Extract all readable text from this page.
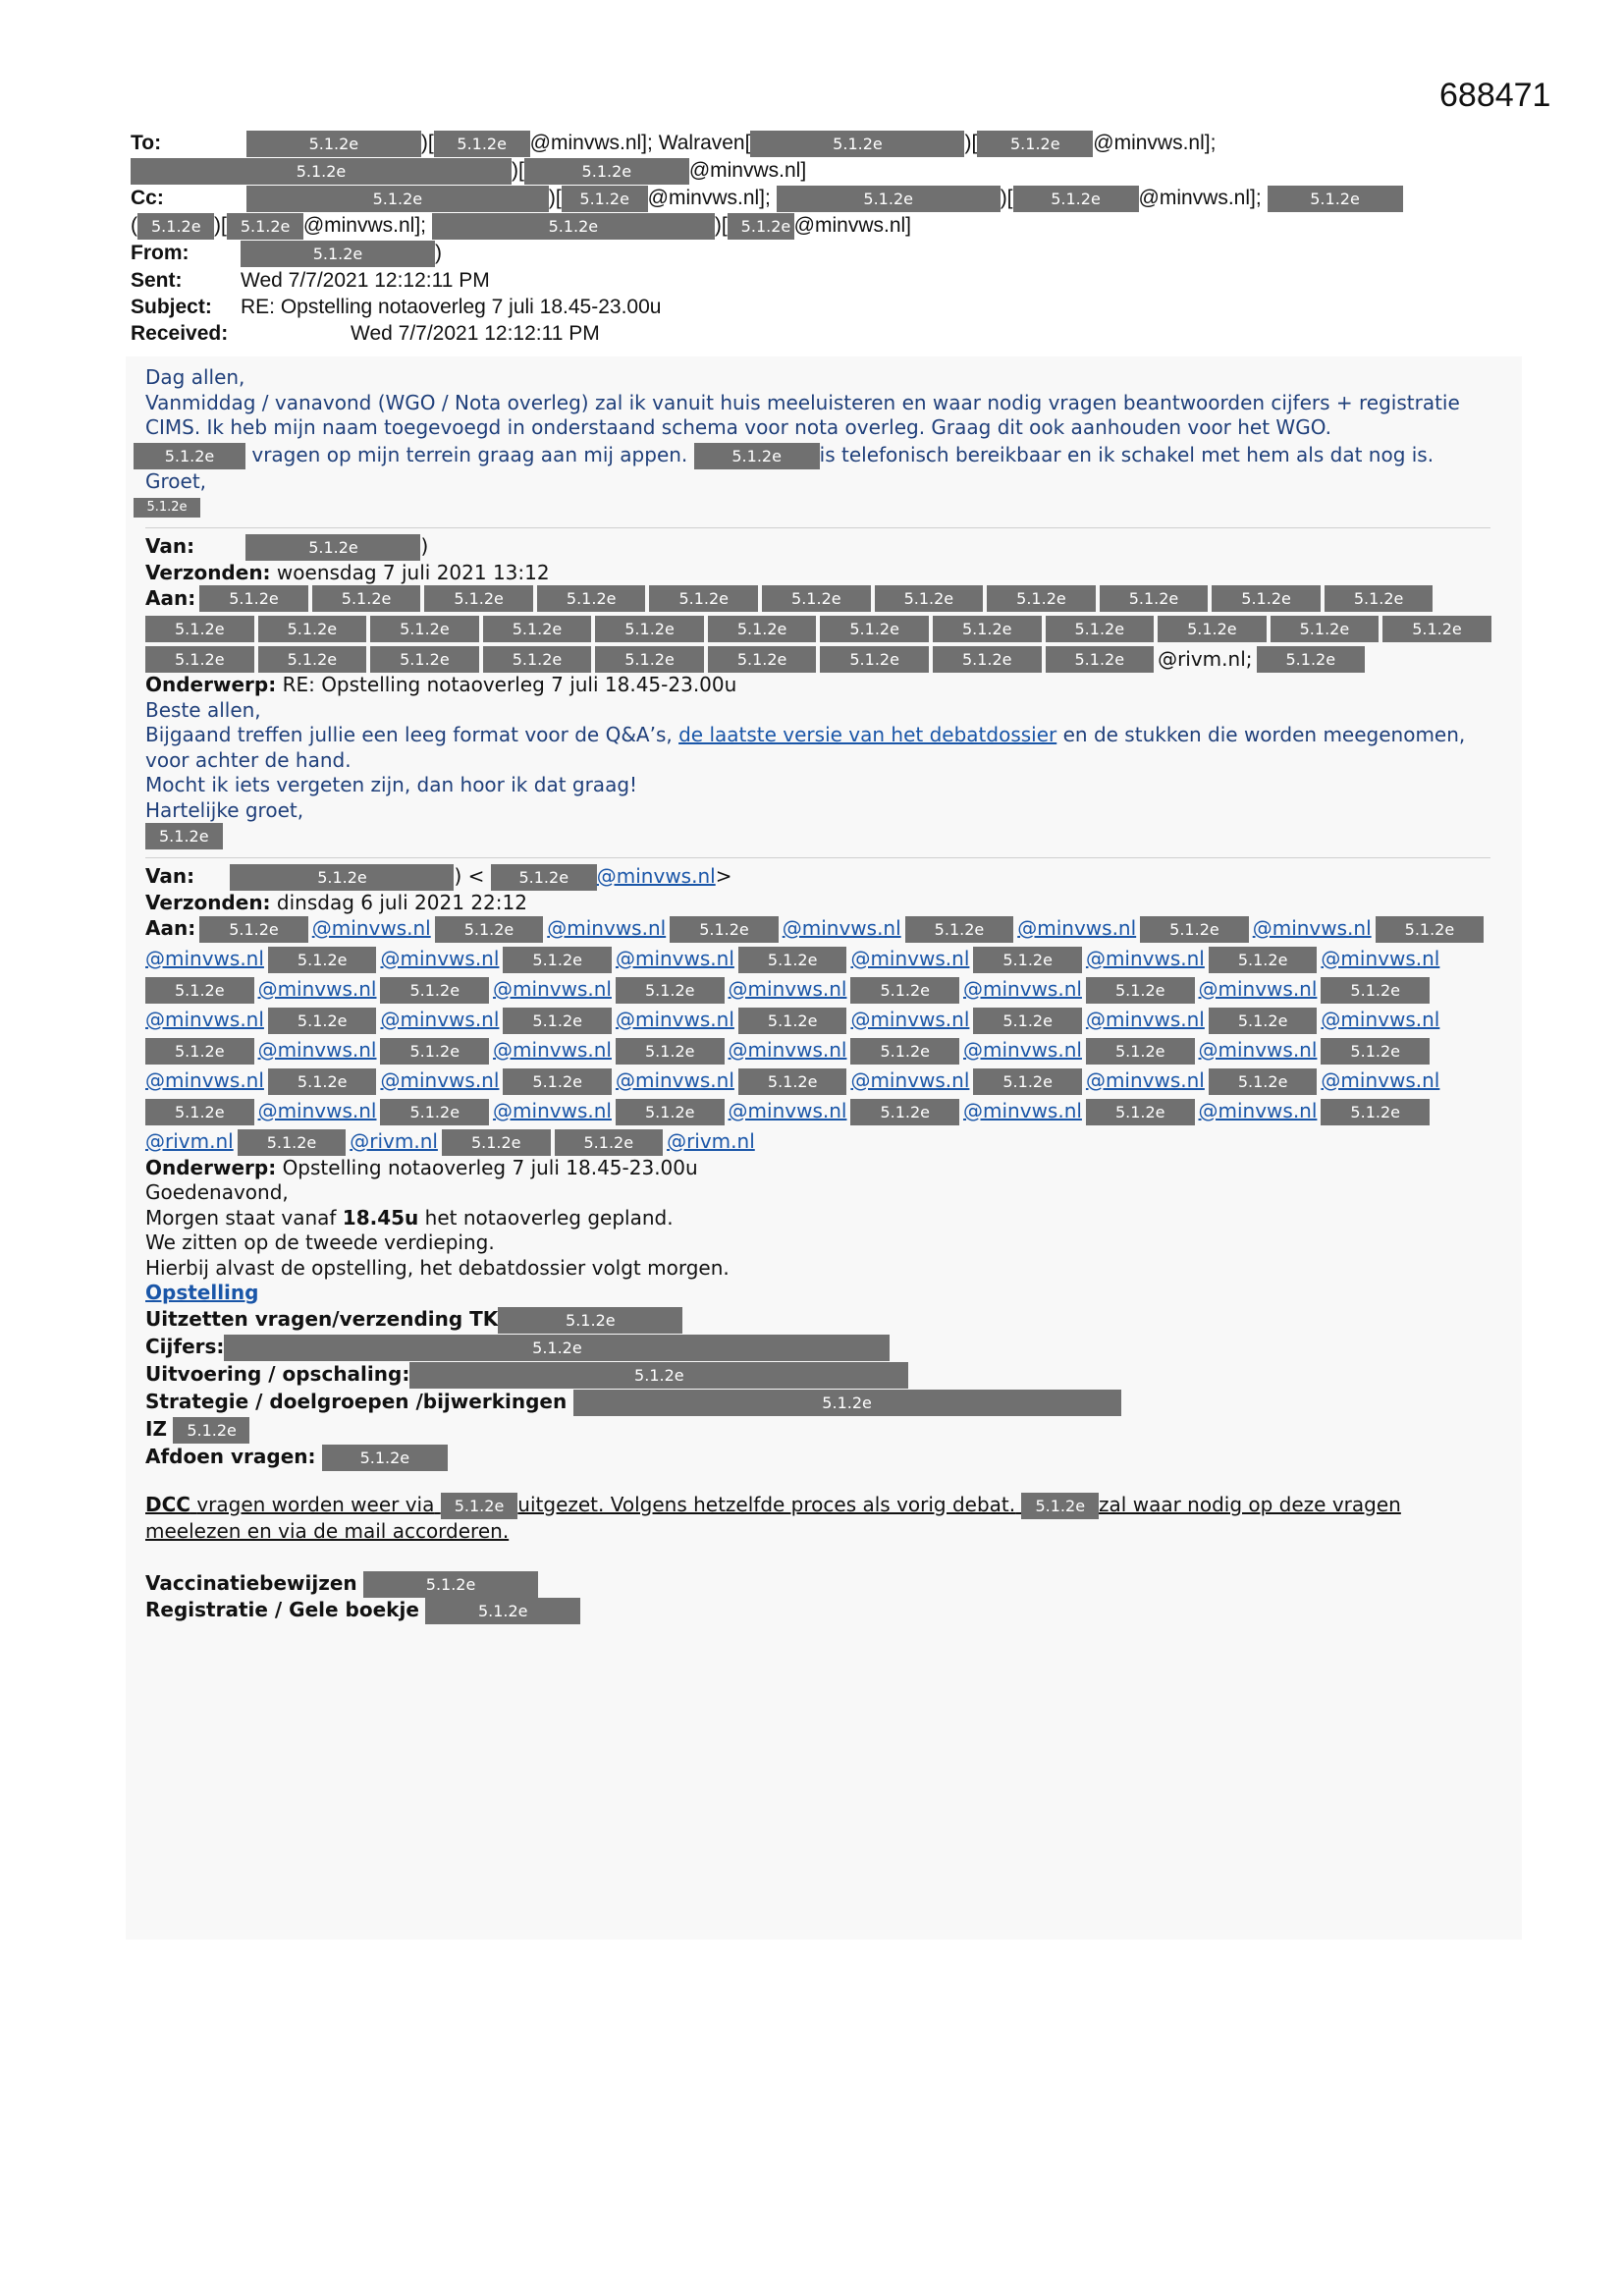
688471
To:	5.1.2e	)[ 5.1.2e @minvws.nl]; Walraven[	5.1.2e	)[ 5.1.2e @minvws.nl];
5.1.2e	)[	5.1.2e	@minvws.nl]
Cc:	5.1.2e	)[ 5.1.2e @minvws.nl];	5.1.2e	)[ 5.1.2e @minvws.nl];	5.1.2e
( 5.1.2e )[ 5.1.2e @minvws.nl];	5.1.2e	)[ 5.1.2e @minvws.nl]
From:	5.1.2e	)
Sent:	Wed 7/7/2021 12:12:11 PM
Subject: RE: Opstelling notaoverleg 7 juli 18.45-23.00u
Received:	Wed 7/7/2021 12:12:11 PM
Dag allen,
Vanmiddag / vanavond (WGO / Nota overleg) zal ik vanuit huis meeluisteren en waar nodig vragen beantwoorden cijfers + registratie CIMS. Ik heb mijn naam toegevoegd in onderstaand schema voor nota overleg. Graag dit ook aanhouden voor het WGO.
5.1.2e vragen op mijn terrein graag aan mij appen.	5.1.2e is telefonisch bereikbaar en ik schakel met hem als dat nog is.
Groet,
5.1.2e
Van:	5.1.2e	)
Verzonden: woensdag 7 juli 2021 13:12
Aan:	5.1.2e	5.1.2e	5.1.2e	5.1.2e	5.1.2e	5.1.2e	5.1.2e	5.1.2e	5.1.2e	5.1.2e	5.1.2e
5.1.2e	5.1.2e	5.1.2e	5.1.2e	5.1.2e	5.1.2e	5.1.2e	5.1.2e	5.1.2e	5.1.2e	5.1.2e	5.1.2e
5.1.2e	5.1.2e	5.1.2e	5.1.2e	5.1.2e	5.1.2e	5.1.2e	5.1.2e	5.1.2e	@rivm.nl;	5.1.2e
Onderwerp: RE: Opstelling notaoverleg 7 juli 18.45-23.00u
Beste allen,
Bijgaand treffen jullie een leeg format voor de Q&A’s, de laatste versie van het debatdossier en de stukken die worden meegenomen, voor achter de hand.
Mocht ik iets vergeten zijn, dan hoor ik dat graag!
Hartelijke groet,
5.1.2e
Van:	5.1.2e	) < 5.1.2e @minvws.nl>
Verzonden: dinsdag 6 juli 2021 22:12
Aan:	5.1.2e	@minvws.nl	5.1.2e	@minvws.nl	5.1.2e	@minvws.nl	5.1.2e	@minvws.nl	5.1.2e	@minvws.nl	5.1.2e
@minvws.nl	5.1.2e	@minvws.nl	5.1.2e	@minvws.nl	5.1.2e	@minvws.nl	5.1.2e	@minvws.nl	5.1.2e	@minvws.nl
5.1.2e	@minvws.nl	5.1.2e	@minvws.nl	5.1.2e	@minvws.nl	5.1.2e	@minvws.nl	5.1.2e	@minvws.nl	5.1.2e
@minvws.nl	5.1.2e	@minvws.nl	5.1.2e	@minvws.nl	5.1.2e	@minvws.nl	5.1.2e	@minvws.nl	5.1.2e	@minvws.nl
5.1.2e	@minvws.nl	5.1.2e	@minvws.nl	5.1.2e	@minvws.nl	5.1.2e	@minvws.nl	5.1.2e	@minvws.nl	5.1.2e
@minvws.nl	5.1.2e	@minvws.nl	5.1.2e	@minvws.nl	5.1.2e	@minvws.nl	5.1.2e	@minvws.nl	5.1.2e	@minvws.nl
5.1.2e	@minvws.nl	5.1.2e	@minvws.nl	5.1.2e	@minvws.nl	5.1.2e	@minvws.nl	5.1.2e	@minvws.nl	5.1.2e
@rivm.nl	5.1.2e	@rivm.nl	5.1.2e	5.1.2e	@rivm.nl
Onderwerp: Opstelling notaoverleg 7 juli 18.45-23.00u
Goedenavond,
Morgen staat vanaf 18.45u het notaoverleg gepland.
We zitten op de tweede verdieping.
Hierbij alvast de opstelling, het debatdossier volgt morgen.
Opstelling
Uitzetten vragen/verzending TK	5.1.2e
Cijfers:	5.1.2e
Uitvoering / opschaling:	5.1.2e
Strategie / doelgroepen /bijwerkingen	5.1.2e
IZ 5.1.2e
Afdoen vragen:	5.1.2e
DCC vragen worden weer via 5.1.2e uitgezet. Volgens hetzelfde proces als vorig debat. 5.1.2e zal waar nodig op deze vragen meelezen en via de mail accorderen.
Vaccinatiebewijzen	5.1.2e
Registratie / Gele boekje	5.1.2e
